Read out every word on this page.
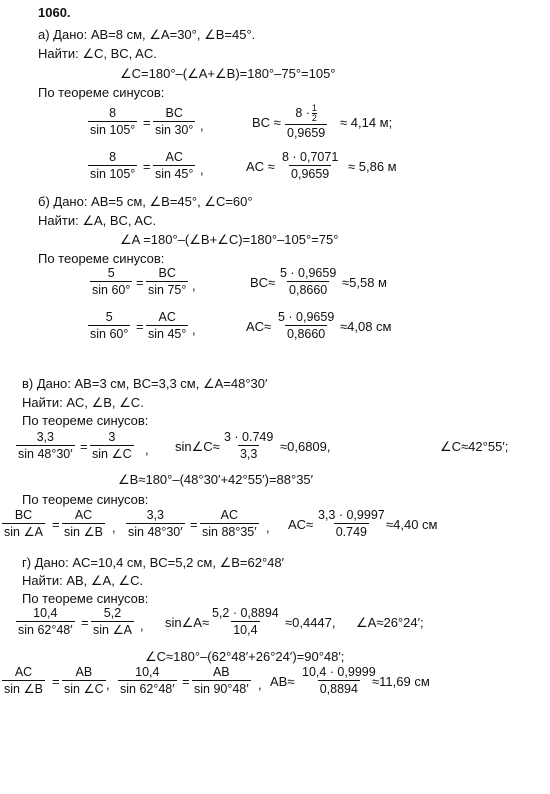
1060.
а) Дано: AB=8 см, ∠A=30°, ∠B=45°.
Найти: ∠C, BC, AC.
∠C=180°–(∠A+∠B)=180°–75°=105°
По теореме синусов:
$\frac{8}{\sin 105^\circ} = \frac{BC}{\sin 30^\circ}$ ,	BC ≈ $\frac{8 \cdot \frac{1}{2}}{0,9659} \approx 4,14$ м;
$\frac{8}{\sin 105^\circ} = \frac{AC}{\sin 45^\circ}$ ,	AC ≈ $\frac{8 \cdot 0,7071}{0,9659} \approx 5,86$ м
б) Дано: AB=5 см, ∠B=45°, ∠C=60°
Найти: ∠A, BC, AC.
∠A =180°–(∠B+∠C)=180°–105°=75°
По теореме синусов:
$\frac{5}{\sin 60^\circ} = \frac{BC}{\sin 75^\circ}$ ,	$BC\approx \frac{5 \cdot 0,9659}{0,8660} \approx 5,58$ м
$\frac{5}{\sin 60^\circ} = \frac{AC}{\sin 45^\circ}$ ,	$AC\approx \frac{5 \cdot 0,9659}{0,8660} \approx 4,08$ см
в) Дано: AB=3 см, BC=3,3 см, ∠A=48°30′
Найти: AC, ∠B, ∠C.
По теореме синусов:
$\frac{3,3}{\sin 48^\circ 30'} = \frac{3}{\sin \angle C}$ , sin∠C≈ $\frac{3 \cdot 0.749}{3,3} \approx 0,6809$,	∠C≈42°55′;
∠B≈180°–(48°30′+42°55′)=88°35′
По теореме синусов:
$\frac{BC}{\sin \angle A} = \frac{AC}{\sin \angle B}$ , $\frac{3,3}{\sin 48^\circ 30'} = \frac{AC}{\sin 88^\circ 35'}$ , $AC\approx \frac{3,3 \cdot 0,9997}{0.749} \approx 4,40$ см
г) Дано: AC=10,4 см, BC=5,2 см, ∠B=62°48′
Найти: AB, ∠A, ∠C.
По теореме синусов:
$\frac{10,4}{\sin 62^\circ 48'} = \frac{5,2}{\sin \angle A}$ , sin∠A≈ $\frac{5,2 \cdot 0,8894}{10,4} \approx 0,4447$, ∠A≈26°24′;
∠C≈180°–(62°48′+26°24′)=90°48′;
$\frac{AC}{\sin \angle B} = \frac{AB}{\sin \angle C}$ , $\frac{10,4}{\sin 62^\circ 48'} = \frac{AB}{\sin 90^\circ 48'}$ , $AB\approx \frac{10,4 \cdot 0,9999}{0,8894}$
≈11,69 см
